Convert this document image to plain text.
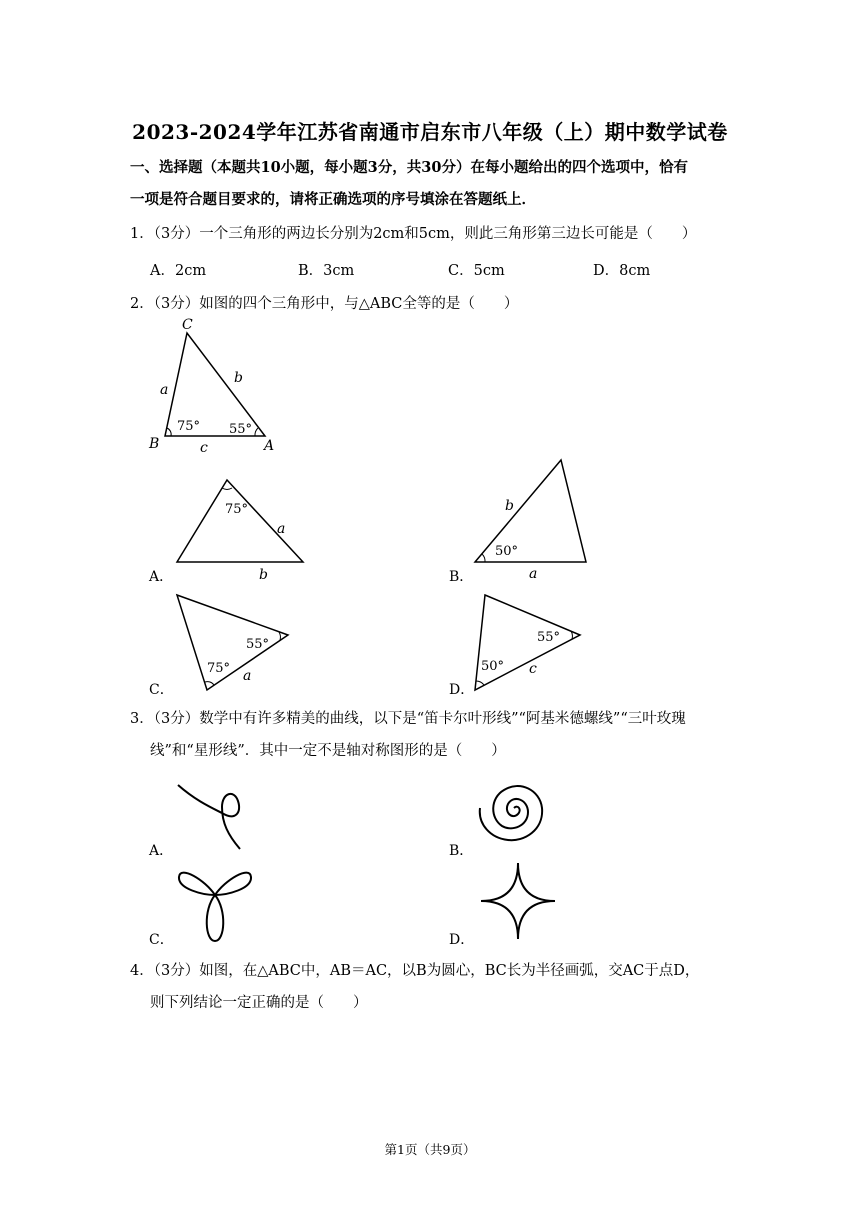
2023-2024学年江苏省南通市启东市八年级（上）期中数学试卷
一、选择题（本题共10小题，每小题3分，共30分）在每小题给出的四个选项中，恰有
一项是符合题目要求的，请将正确选项的序号填涂在答题纸上．
1．（3分）一个三角形的两边长分别为2cm和5cm，则此三角形第三边长可能是（　　）
A．2cm	B．3cm	C．5cm	D．8cm
2．（3分）如图的四个三角形中，与△ABC全等的是（　　）
C
B	A
a
b
c
75° 55°
A．
75°
a
b	B．
b
50°
a
C．
55°
75° a
D．
55°
50° c
3．（3分）数学中有许多精美的曲线，以下是“笛卡尔叶形线”“阿基米德螺线”“三叶玫瑰
线”和“星形线”．其中一定不是轴对称图形的是（　　）
A．	B．
C．	D．
4．（3分）如图，在△ABC中，AB＝AC，以B为圆心，BC长为半径画弧，交AC于点D，
则下列结论一定正确的是（　　）
第1页（共9页）
